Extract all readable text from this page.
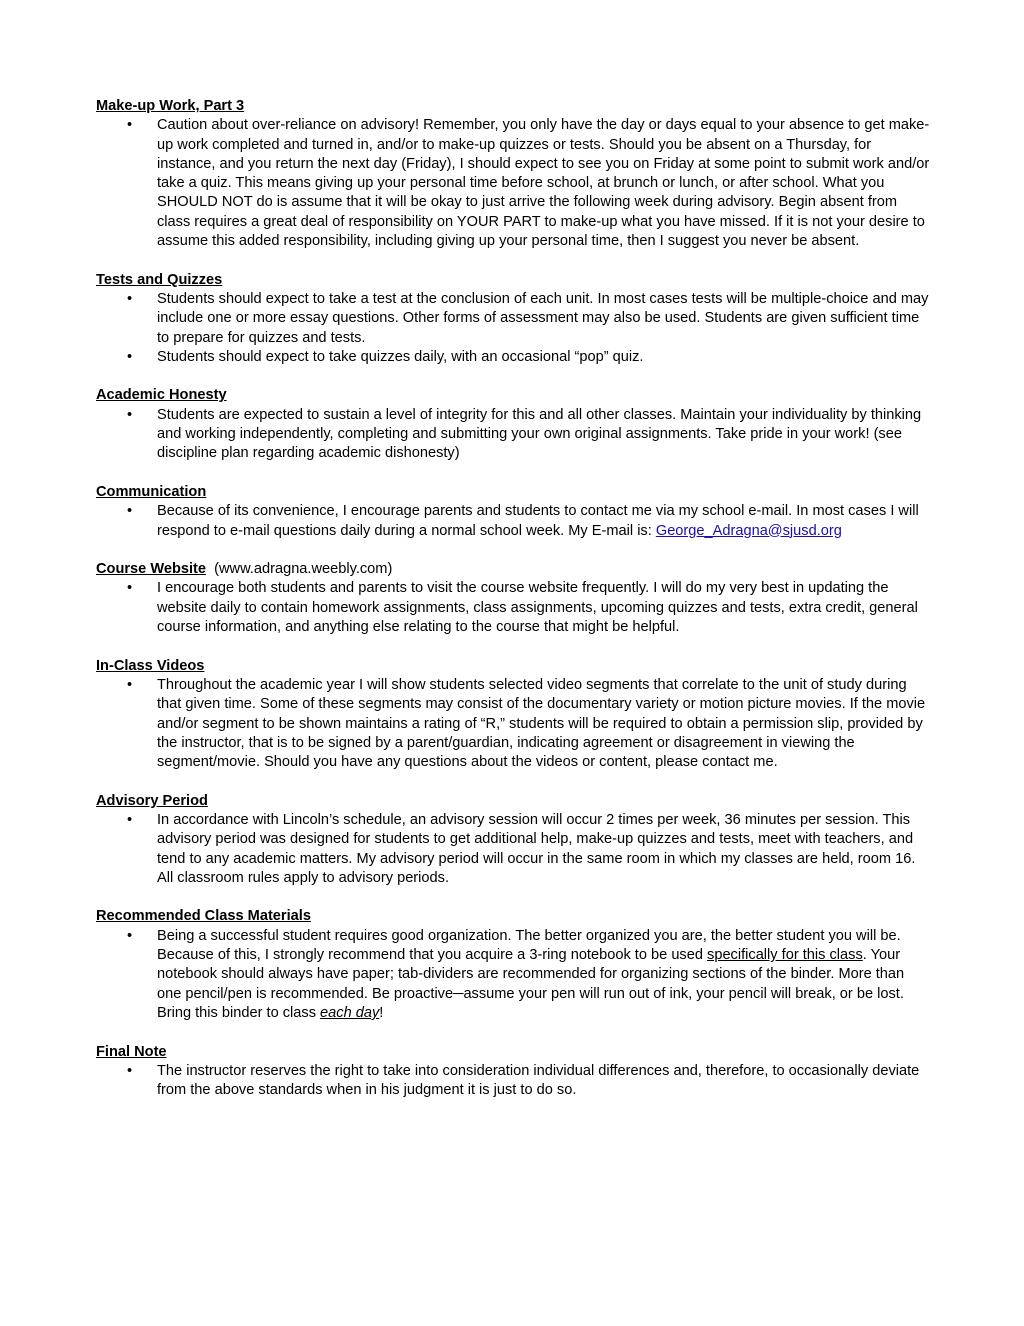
Make-up Work, Part 3

• Caution about over-reliance on advisory! Remember, you only have the day or days equal to your absence to get make-up work completed and turned in, and/or to make-up quizzes or tests. Should you be absent on a Thursday, for instance, and you return the next day (Friday), I should expect to see you on Friday at some point to submit work and/or take a quiz. This means giving up your personal time before school, at brunch or lunch, or after school. What you SHOULD NOT do is assume that it will be okay to just arrive the following week during advisory. Begin absent from class requires a great deal of responsibility on YOUR PART to make-up what you have missed. If it is not your desire to assume this added responsibility, including giving up your personal time, then I suggest you never be absent.

Tests and Quizzes

• Students should expect to take a test at the conclusion of each unit. In most cases tests will be multiple-choice and may include one or more essay questions. Other forms of assessment may also be used. Students are given sufficient time to prepare for quizzes and tests.

• Students should expect to take quizzes daily, with an occasional “pop” quiz.

Academic Honesty

• Students are expected to sustain a level of integrity for this and all other classes. Maintain your individuality by thinking and working independently, completing and submitting your own original assignments. Take pride in your work! (see discipline plan regarding academic dishonesty)

Communication

• Because of its convenience, I encourage parents and students to contact me via my school e-mail. In most cases I will respond to e-mail questions daily during a normal school week. My E-mail is: George_Adragna@sjusd.org

Course Website (www.adragna.weebly.com)

• I encourage both students and parents to visit the course website frequently. I will do my very best in updating the website daily to contain homework assignments, class assignments, upcoming quizzes and tests, extra credit, general course information, and anything else relating to the course that might be helpful.

In-Class Videos

• Throughout the academic year I will show students selected video segments that correlate to the unit of study during that given time. Some of these segments may consist of the documentary variety or motion picture movies. If the movie and/or segment to be shown maintains a rating of “R,” students will be required to obtain a permission slip, provided by the instructor, that is to be signed by a parent/guardian, indicating agreement or disagreement in viewing the segment/movie. Should you have any questions about the videos or content, please contact me.

Advisory Period

• In accordance with Lincoln’s schedule, an advisory session will occur 2 times per week, 36 minutes per session. This advisory period was designed for students to get additional help, make-up quizzes and tests, meet with teachers, and tend to any academic matters. My advisory period will occur in the same room in which my classes are held, room 16. All classroom rules apply to advisory periods.

Recommended Class Materials

• Being a successful student requires good organization. The better organized you are, the better student you will be. Because of this, I strongly recommend that you acquire a 3-ring notebook to be used specifically for this class. Your notebook should always have paper; tab-dividers are recommended for organizing sections of the binder. More than one pencil/pen is recommended. Be proactive─assume your pen will run out of ink, your pencil will break, or be lost. Bring this binder to class each day!

Final Note

• The instructor reserves the right to take into consideration individual differences and, therefore, to occasionally deviate from the above standards when in his judgment it is just to do so.
